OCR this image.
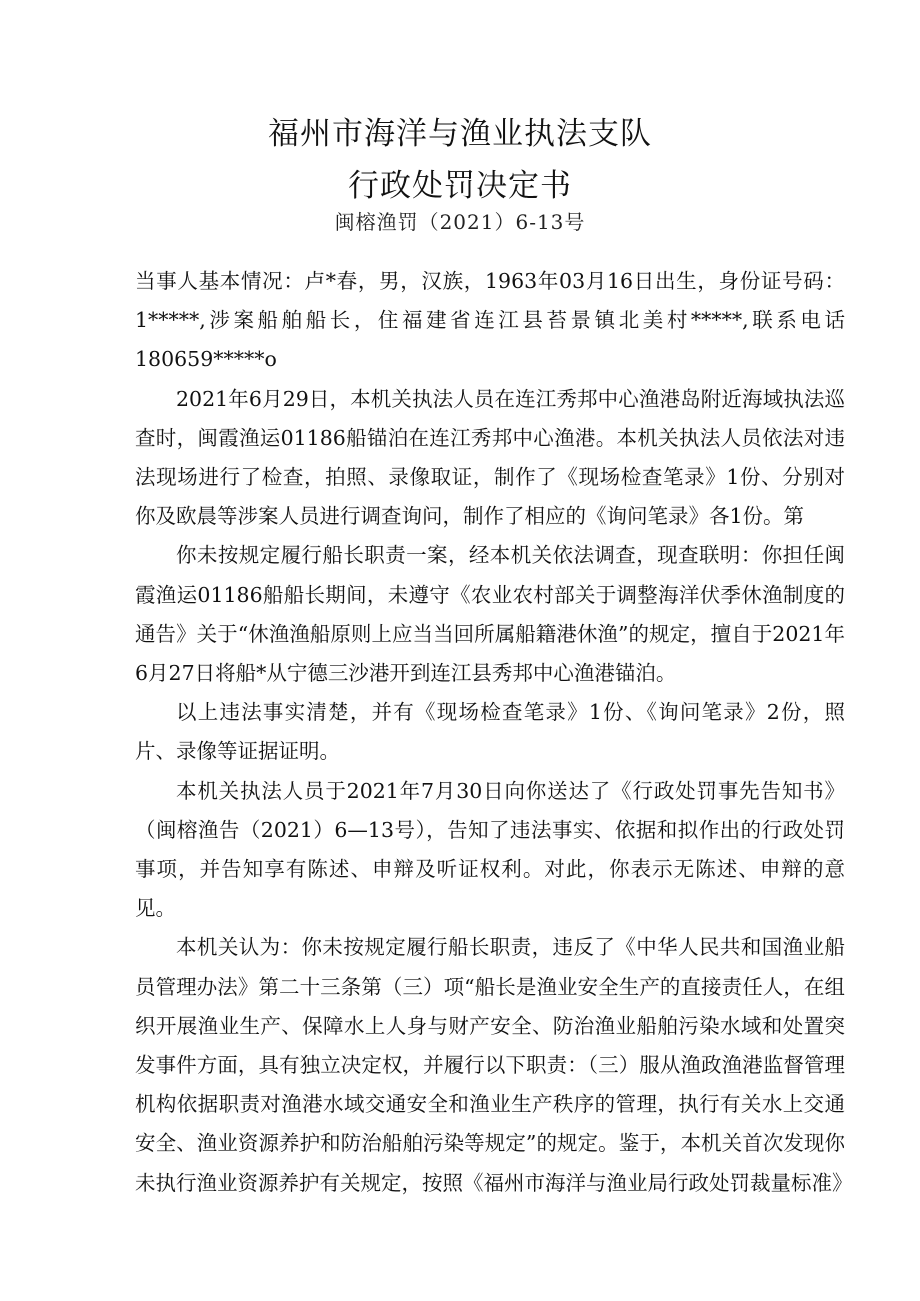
福州市海洋与渔业执法支队
行政处罚决定书
闽榕渔罚（2021）6-13号

当事人基本情况：卢*春，男，汉族，1963年03月16日出生，身份证号码：1*****,涉案船舶船长，住福建省连江县苔景镇北美村*****,联系电话180659*****o

2021年6月29日，本机关执法人员在连江秀邦中心渔港岛附近海域执法巡查时，闽霞渔运01186船锚泊在连江秀邦中心渔港。本机关执法人员依法对违法现场进行了检查，拍照、录像取证，制作了《现场检查笔录》1份、分别对你及欧晨等涉案人员进行调查询问，制作了相应的《询问笔录》各1份。第

你未按规定履行船长职责一案，经本机关依法调查，现查联明：你担任闽霞渔运01186船船长期间，未遵守《农业农村部关于调整海洋伏季休渔制度的通告》关于“休渔渔船原则上应当当回所属船籍港休渔”的规定，擅自于2021年6月27日将船*从宁德三沙港开到连江县秀邦中心渔港锚泊。

以上违法事实清楚，并有《现场检查笔录》1份、《询问笔录》2份，照片、录像等证据证明。

本机关执法人员于2021年7月30日向你送达了《行政处罚事先告知书》（闽榕渔告（2021）6—13号），告知了违法事实、依据和拟作出的行政处罚事项，并告知享有陈述、申辩及听证权利。对此，你表示无陈述、申辩的意见。

本机关认为：你未按规定履行船长职责，违反了《中华人民共和国渔业船员管理办法》第二十三条第（三）项“船长是渔业安全生产的直接责任人，在组织开展渔业生产、保障水上人身与财产安全、防治渔业船舶污染水域和处置突发事件方面，具有独立决定权，并履行以下职责：（三）服从渔政渔港监督管理机构依据职责对渔港水域交通安全和渔业生产秩序的管理，执行有关水上交通安全、渔业资源养护和防治船舶污染等规定”的规定。鉴于，本机关首次发现你未执行渔业资源养护有关规定，按照《福州市海洋与渔业局行政处罚裁量标准》
